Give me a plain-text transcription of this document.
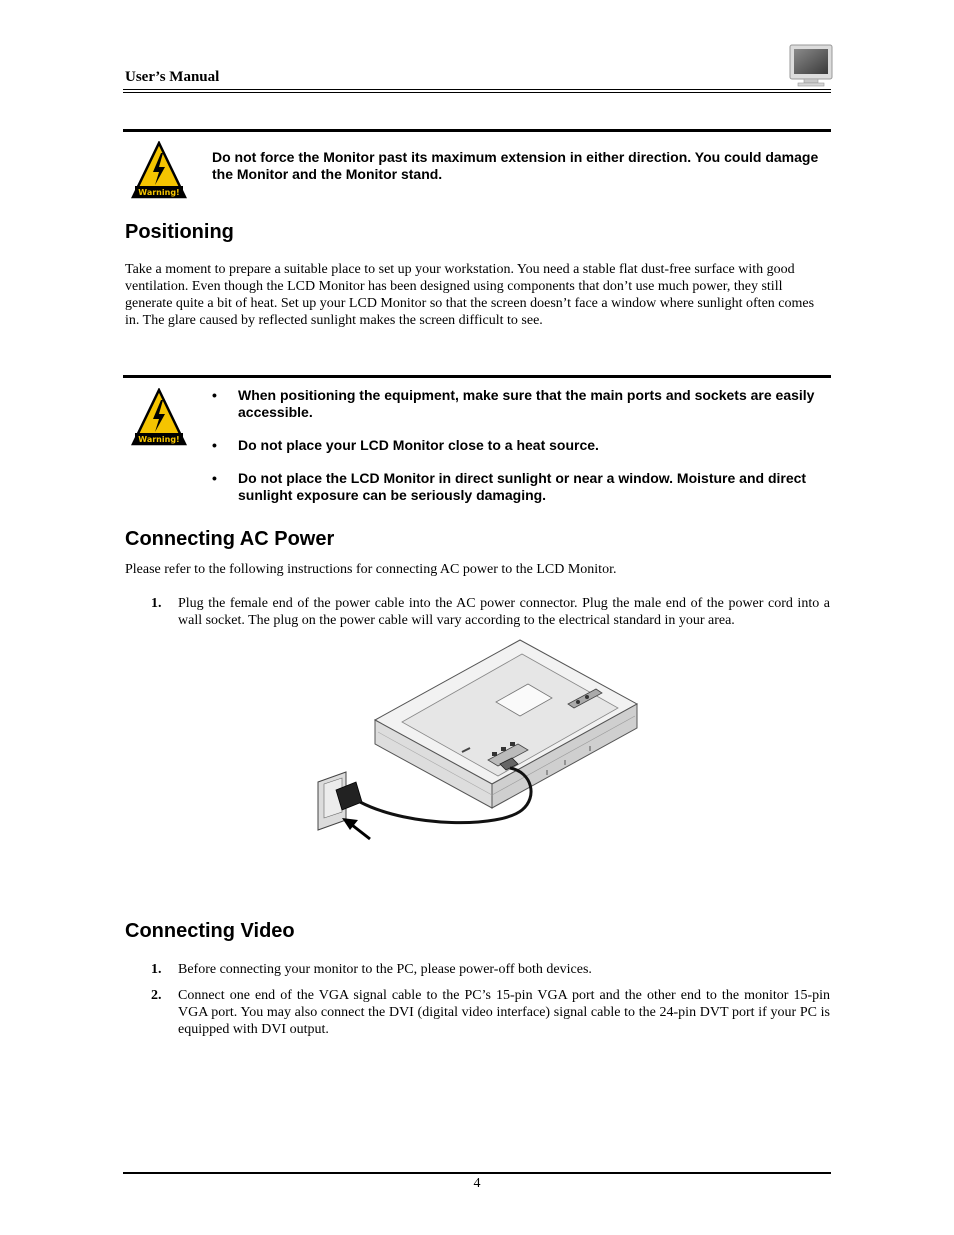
User’s Manual
Warning!
Do not force the Monitor past its maximum extension in either direction. You could damage the Monitor and the Monitor stand.
Positioning
Take a moment to prepare a suitable place to set up your workstation. You need a stable flat dust-free surface with good ventilation. Even though the LCD Monitor has been designed using components that don’t use much power, they still generate quite a bit of heat. Set up your LCD Monitor so that the screen doesn’t face a window where sunlight often comes in. The glare caused by reflected sunlight makes the screen difficult to see.
Warning!
• When positioning the equipment, make sure that the main ports and sockets are easily accessible.
• Do not place your LCD Monitor close to a heat source.
• Do not place the LCD Monitor in direct sunlight or near a window. Moisture and direct sunlight exposure can be seriously damaging.
Connecting AC Power
Please refer to the following instructions for connecting AC power to the LCD Monitor.
1. Plug the female end of the power cable into the AC power connector. Plug the male end of the power cord into a wall socket. The plug on the power cable will vary according to the electrical standard in your area.
Connecting Video
1. Before connecting your monitor to the PC, please power-off both devices.
2. Connect one end of the VGA signal cable to the PC’s 15-pin VGA port and the other end to the monitor 15-pin VGA port. You may also connect the DVI (digital video interface) signal cable to the 24-pin DVT port if your PC is equipped with DVI output.
4
